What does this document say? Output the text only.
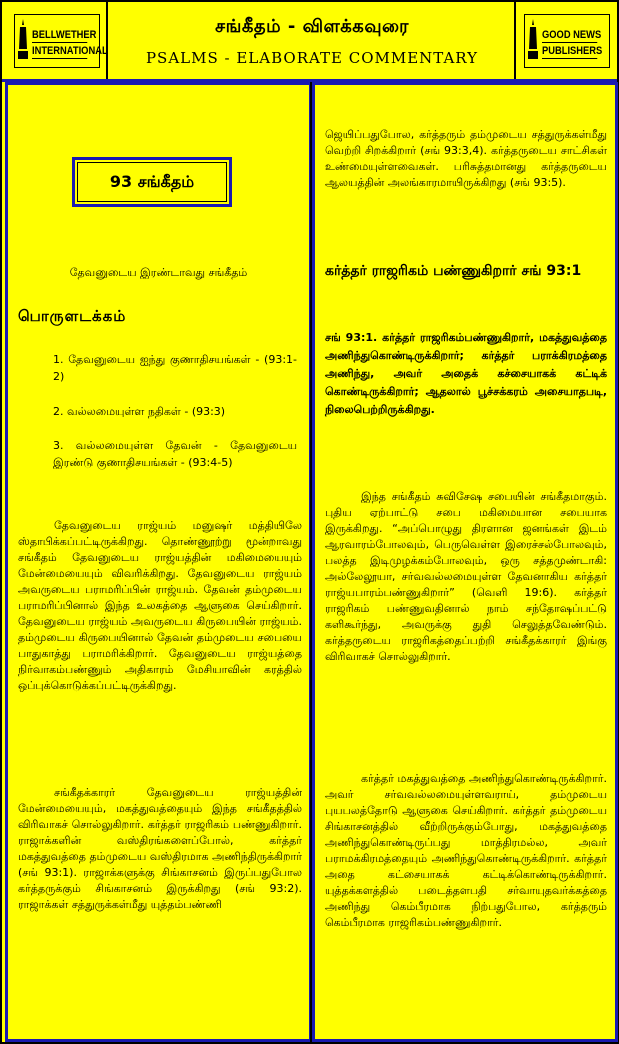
BELLWETHER
INTERNATIONAL
சங்கீதம் - விளக்கவுரை
PSALMS - ELABORATE COMMENTARY
GOOD NEWS
PUBLISHERS
93 சங்கீதம்
தேவனுடைய இரண்டாவது சங்கீதம்
பொருளடக்கம்

1. தேவனுடைய ஐந்து குணாதிசயங்கள் - (93:1-2)

2. வல்லமையுள்ள நதிகள் - (93:3)

3. வல்லமையுள்ள தேவன் - தேவனுடைய இரண்டு குணாதிசயங்கள் - (93:4-5)

தேவனுடைய ராஜ்யம் மனுஷர் மத்தியிலே ஸ்தாபிக்கப்பட்டிருக்கிறது. தொண்ணூற்று மூன்றாவது சங்கீதம் தேவனுடைய ராஜ்யத்தின் மகிமையையும் மேன்மையையும் விவரிக்கிறது. தேவனுடைய ராஜ்யம் அவருடைய பராமரிப்பின் ராஜ்யம். தேவன் தம்முடைய பராமரிப்பினால் இந்த உலகத்தை ஆளுகை செய்கிறார். தேவனுடைய ராஜ்யம் அவருடைய கிருபையின் ராஜ்யம். தம்முடைய கிருபையினால் தேவன் தம்முடைய சபையை பாதுகாத்து பராமரிக்கிறார். தேவனுடைய ராஜ்யத்தை நிர்வாகம்பண்ணும் அதிகாரம் மேசியாவின் கரத்தில் ஒப்புக்கொடுக்கப்பட்டிருக்கிறது.

சங்கீதக்காரர் தேவனுடைய ராஜ்யத்தின் மேன்மையையும், மகத்துவத்தையும் இந்த சங்கீதத்தில் விரிவாகச் சொல்லுகிறார். கர்த்தர் ராஜரிகம் பண்ணுகிறார். ராஜாக்களின் வஸ்திரங்களைப்போல், கர்த்தர் மகத்துவத்தை தம்முடைய வஸ்திரமாக அணிந்திருக்கிறார் (சங் 93:1). ராஜாக்களுக்கு சிங்காசனம் இருப்பதுபோல கர்த்தருக்கும் சிங்காசனம் இருக்கிறது (சங் 93:2). ராஜாக்கள் சத்துருக்கள்மீது யுத்தம்பண்ணி

ஜெயிப்பதுபோல, கர்த்தரும் தம்முடைய சத்துருக்கள்மீது வெற்றி சிறக்கிறார் (சங் 93:3,4). கர்த்தருடைய சாட்சிகள் உண்மையுள்ளவைகள். பரிசுத்தமானது கர்த்தருடைய ஆலயத்தின் அலங்காரமாயிருக்கிறது (சங் 93:5).

கர்த்தர் ராஜரிகம் பண்ணுகிறார் சங் 93:1

சங் 93:1. கர்த்தர் ராஜரிகம்பண்ணுகிறார், மகத்துவத்தை அணிந்துகொண்டிருக்கிறார்; கர்த்தர் பராக்கிரமத்தை அணிந்து, அவர் அதைக் கச்சையாகக் கட்டிக் கொண்டிருக்கிறார்; ஆதலால் பூச்சக்கரம் அசையாதபடி, நிலைபெற்றிருக்கிறது.

இந்த சங்கீதம் சுவிசேஷ சபையின் சங்கீதமாகும். புதிய ஏற்பாட்டு சபை மகிமையான சபையாக இருக்கிறது. “அப்பொழுது திரளான ஜனங்கள் இடம் ஆரவாரம்போலவும், பெருவெள்ள இரைச்சல்போலவும், பலத்த இடிமுழக்கம்போலவும், ஒரு சத்தமுண்டாகி: அல்லேலூயா, சர்வவல்லமையுள்ள தேவனாகிய கர்த்தர் ராஜ்யபாரம்பண்ணுகிறார்” (வெளி 19:6). கர்த்தர் ராஜரிகம் பண்ணுவதினால் நாம் சந்தோஷப்பட்டு களிகூர்ந்து, அவருக்கு துதி செலுத்தவேண்டும். கர்த்தருடைய ராஜரிகத்தைப்பற்றி சங்கீதக்காரர் இங்கு விரிவாகச் சொல்லுகிறார்.

கர்த்தர் மகத்துவத்தை அணிந்துகொண்டிருக்கிறார். அவர் சர்வவல்லமையுள்ளவராய், தம்முடைய புயபலத்தோடு ஆளுகை செய்கிறார். கர்த்தர் தம்முடைய சிங்காசனத்தில் வீற்றிருக்கும்போது, மகத்துவத்தை அணிந்துகொண்டிருப்பது மாத்திரமல்ல, அவர் பராமக்கிரமத்தையும் அணிந்துகொண்டிருக்கிறார். கர்த்தர் அதை கட்சையாகக் கட்டிக்கொண்டிருக்கிறார். யுத்தக்களத்தில் படைத்தளபதி சர்வாயுதவர்க்கத்தை அணிந்து கெம்பீரமாக நிற்பதுபோல, கர்த்தரும் கெம்பீரமாக ராஜரிகம்பண்ணுகிறார்.
